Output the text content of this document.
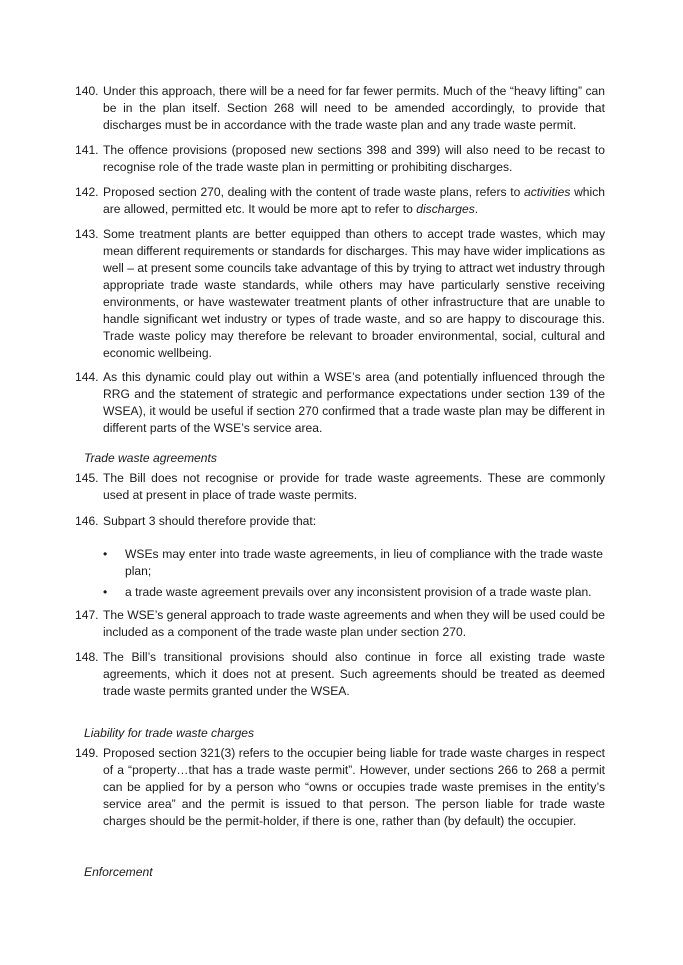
140. Under this approach, there will be a need for far fewer permits. Much of the “heavy lifting” can be in the plan itself. Section 268 will need to be amended accordingly, to provide that discharges must be in accordance with the trade waste plan and any trade waste permit.
141. The offence provisions (proposed new sections 398 and 399) will also need to be recast to recognise role of the trade waste plan in permitting or prohibiting discharges.
142. Proposed section 270, dealing with the content of trade waste plans, refers to activities which are allowed, permitted etc. It would be more apt to refer to discharges.
143. Some treatment plants are better equipped than others to accept trade wastes, which may mean different requirements or standards for discharges. This may have wider implications as well – at present some councils take advantage of this by trying to attract wet industry through appropriate trade waste standards, while others may have particularly senstive receiving environments, or have wastewater treatment plants of other infrastructure that are unable to handle significant wet industry or types of trade waste, and so are happy to discourage this. Trade waste policy may therefore be relevant to broader environmental, social, cultural and economic wellbeing.
144. As this dynamic could play out within a WSE’s area (and potentially influenced through the RRG and the statement of strategic and performance expectations under section 139 of the WSEA), it would be useful if section 270 confirmed that a trade waste plan may be different in different parts of the WSE’s service area.
Trade waste agreements
145. The Bill does not recognise or provide for trade waste agreements. These are commonly used at present in place of trade waste permits.
146. Subpart 3 should therefore provide that:
• WSEs may enter into trade waste agreements, in lieu of compliance with the trade waste plan;
• a trade waste agreement prevails over any inconsistent provision of a trade waste plan.
147. The WSE’s general approach to trade waste agreements and when they will be used could be included as a component of the trade waste plan under section 270.
148. The Bill’s transitional provisions should also continue in force all existing trade waste agreements, which it does not at present. Such agreements should be treated as deemed trade waste permits granted under the WSEA.
Liability for trade waste charges
149. Proposed section 321(3) refers to the occupier being liable for trade waste charges in respect of a “property…that has a trade waste permit”. However, under sections 266 to 268 a permit can be applied for by a person who “owns or occupies trade waste premises in the entity’s service area” and the permit is issued to that person. The person liable for trade waste charges should be the permit-holder, if there is one, rather than (by default) the occupier.
Enforcement
